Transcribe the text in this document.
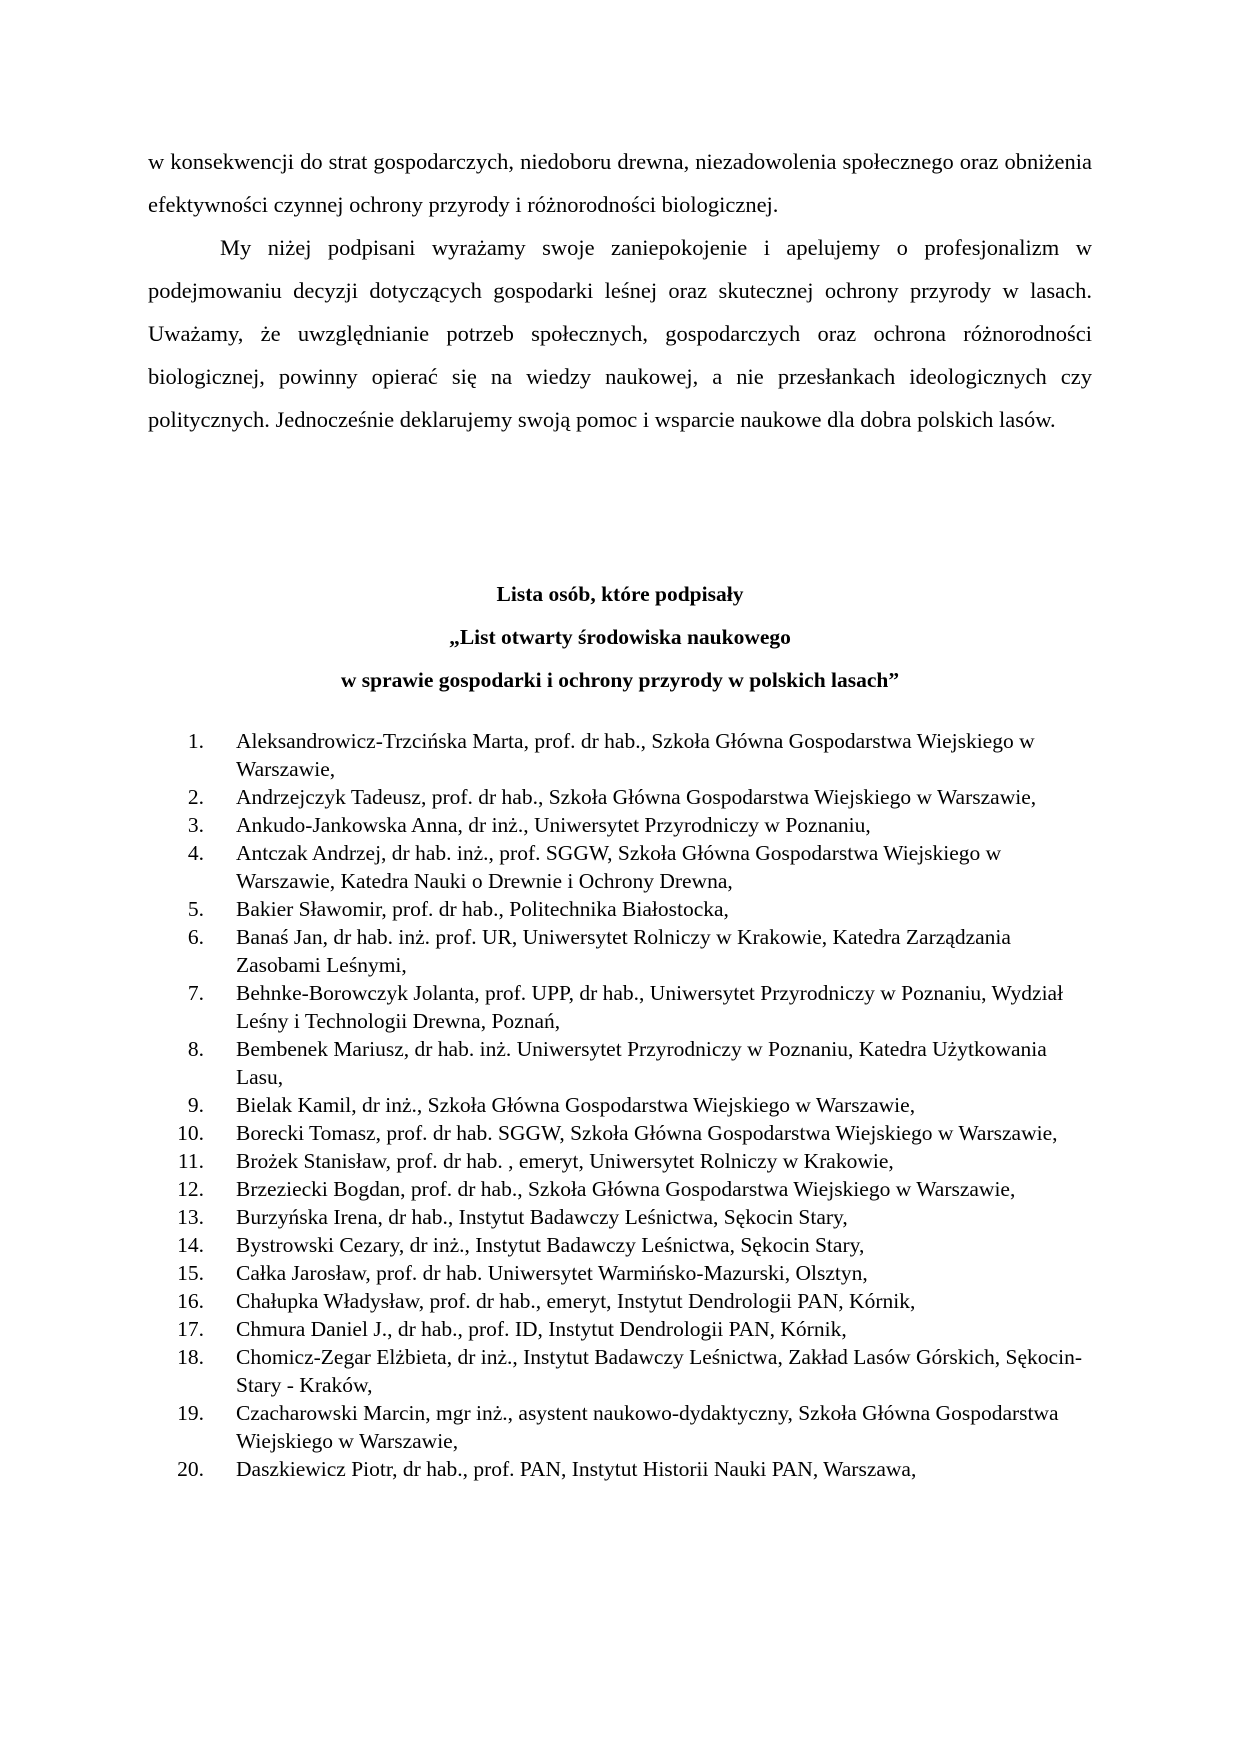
w konsekwencji do strat gospodarczych, niedoboru drewna, niezadowolenia społecznego oraz obniżenia efektywności czynnej ochrony przyrody i różnorodności biologicznej.

My niżej podpisani wyrażamy swoje zaniepokojenie i apelujemy o profesjonalizm w podejmowaniu decyzji dotyczących gospodarki leśnej oraz skutecznej ochrony przyrody w lasach. Uważamy, że uwzględnianie potrzeb społecznych, gospodarczych oraz ochrona różnorodności biologicznej, powinny opierać się na wiedzy naukowej, a nie przesłankach ideologicznych czy politycznych. Jednocześnie deklarujemy swoją pomoc i wsparcie naukowe dla dobra polskich lasów.

Lista osób, które podpisały
„List otwarty środowiska naukowego
w sprawie gospodarki i ochrony przyrody w polskich lasach”
1.	Aleksandrowicz-Trzcińska Marta, prof. dr hab., Szkoła Główna Gospodarstwa Wiejskiego w Warszawie,
2.	Andrzejczyk Tadeusz, prof. dr hab., Szkoła Główna Gospodarstwa Wiejskiego w Warszawie,
3.	Ankudo-Jankowska Anna, dr inż., Uniwersytet Przyrodniczy w Poznaniu,
4.	Antczak Andrzej, dr hab. inż., prof. SGGW, Szkoła Główna Gospodarstwa Wiejskiego w Warszawie, Katedra Nauki o Drewnie i Ochrony Drewna,
5.	Bakier Sławomir, prof. dr hab., Politechnika Białostocka,
6.	Banaś Jan, dr hab. inż. prof. UR, Uniwersytet Rolniczy w Krakowie, Katedra Zarządzania Zasobami Leśnymi,
7.	Behnke-Borowczyk Jolanta, prof. UPP, dr hab., Uniwersytet Przyrodniczy w Poznaniu, Wydział Leśny i Technologii Drewna, Poznań,
8.	Bembenek Mariusz, dr hab. inż. Uniwersytet Przyrodniczy w Poznaniu, Katedra Użytkowania Lasu,
9.	Bielak Kamil, dr inż., Szkoła Główna Gospodarstwa Wiejskiego w Warszawie,
10.	Borecki Tomasz, prof. dr hab. SGGW, Szkoła Główna Gospodarstwa Wiejskiego w Warszawie,
11.	Brożek Stanisław, prof. dr hab. , emeryt, Uniwersytet Rolniczy w Krakowie,
12.	Brzeziecki Bogdan, prof. dr hab., Szkoła Główna Gospodarstwa Wiejskiego w Warszawie,
13.	Burzyńska Irena, dr hab., Instytut Badawczy Leśnictwa, Sękocin Stary,
14.	Bystrowski Cezary, dr inż., Instytut Badawczy Leśnictwa, Sękocin Stary,
15.	Całka Jarosław, prof. dr hab. Uniwersytet Warmińsko-Mazurski, Olsztyn,
16.	Chałupka Władysław, prof. dr hab., emeryt, Instytut Dendrologii PAN, Kórnik,
17.	Chmura Daniel J., dr hab., prof. ID, Instytut Dendrologii PAN, Kórnik,
18.	Chomicz-Zegar Elżbieta, dr inż., Instytut Badawczy Leśnictwa, Zakład Lasów Górskich, Sękocin-Stary - Kraków,
19.	Czacharowski Marcin, mgr inż., asystent naukowo-dydaktyczny, Szkoła Główna Gospodarstwa Wiejskiego w Warszawie,
20.	Daszkiewicz Piotr, dr hab., prof. PAN, Instytut Historii Nauki PAN, Warszawa,
